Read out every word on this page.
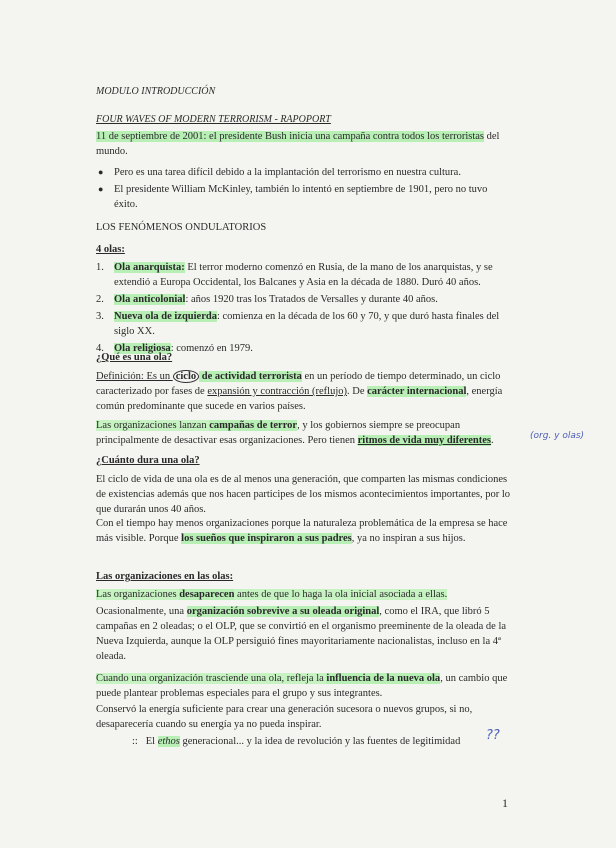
MODULO INTRODUCCIÓN
FOUR WAVES OF MODERN TERRORISM - RAPOPORT
11 de septiembre de 2001: el presidente Bush inicia una campaña contra todos los terroristas del mundo.
● Pero es una tarea difícil debido a la implantación del terrorismo en nuestra cultura.
● El presidente William McKinley, también lo intentó en septiembre de 1901, pero no tuvo éxito.
LOS FENÓMENOS ONDULATORIOS
4 olas:
1. Ola anarquista: El terror moderno comenzó en Rusia, de la mano de los anarquistas, y se extendió a Europa Occidental, los Balcanes y Asia en la década de 1880. Duró 40 años.
2. Ola anticolonial: años 1920 tras los Tratados de Versalles y durante 40 años.
3. Nueva ola de izquierda: comienza en la década de los 60 y 70, y que duró hasta finales del siglo XX.
4. Ola religiosa: comenzó en 1979.
¿Qué es una ola?
Definición: Es un ciclo de actividad terrorista en un período de tiempo determinado, un ciclo caracterizado por fases de expansión y contracción (reflujo). De carácter internacional, energía común predominante que sucede en varios países.
Las organizaciones lanzan campañas de terror, y los gobiernos siempre se preocupan principalmente de desactivar esas organizaciones. Pero tienen ritmos de vida muy diferentes.	(org. y olas)
¿Cuánto dura una ola?
El ciclo de vida de una ola es de al menos una generación, que comparten las mismas condiciones de existencias además que nos hacen participes de los mismos acontecimientos importantes, por lo que durarán unos 40 años.
Con el tiempo hay menos organizaciones porque la naturaleza problemática de la empresa se hace más visible. Porque los sueños que inspiraron a sus padres, ya no inspiran a sus hijos.
Las organizaciones en las olas:
Las organizaciones desaparecen antes de que lo haga la ola inicial asociada a ellas.
Ocasionalmente, una organización sobrevive a su oleada original, como el IRA, que libró 5 campañas en 2 oleadas; o el OLP, que se convirtió en el organismo preeminente de la oleada de la Nueva Izquierda, aunque la OLP persiguió fines mayoritariamente nacionalistas, incluso en la 4ª oleada.
Cuando una organización trasciende una ola, refleja la influencia de la nueva ola, un cambio que puede plantear problemas especiales para el grupo y sus integrantes.
Conservó la energía suficiente para crear una generación sucesora o nuevos grupos, si no, desaparecería cuando su energía ya no pueda inspirar.
:: El ethos generacional... y la idea de revolución y las fuentes de legitimidad	??
1
